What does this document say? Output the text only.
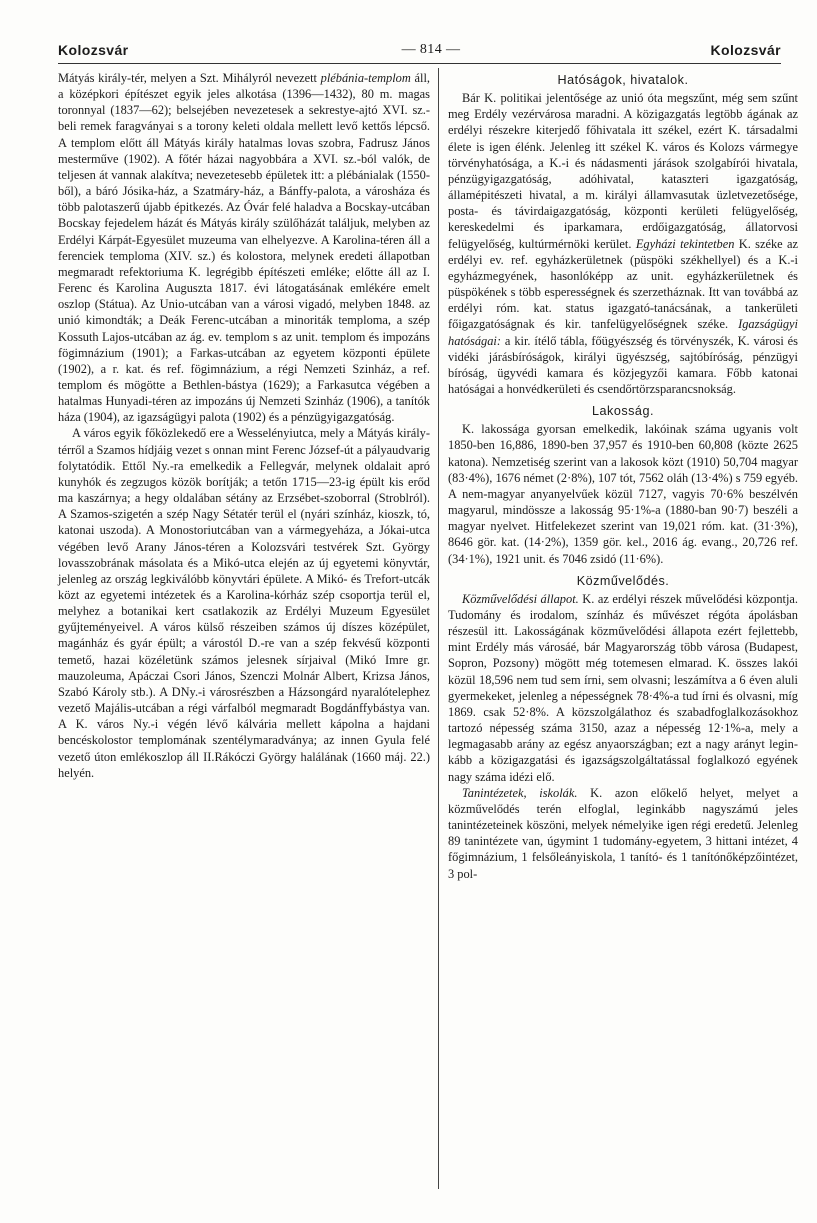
Kolozsvár	— 814 —	Kolozsvár

Mátyás király-tér, melyen a Szt. Mihályról nevezett plébánia-templom áll, a középkori építészet egyik jeles alkotása (1396—1432), 80 m. magas toronnyal (1837—62); belsejében nevezetesek a sekrestye-ajtó XVI. sz.-beli remek faragványai s a torony keleti oldala mellett levő kettős lépcső. A templom előtt áll Mátyás király hatalmas lovas szobra, Fadrusz János mesterműve (1902). A főtér házai nagyobbára a XVI. sz.-ból valók, de teljesen át vannak alakítva; nevezetesebb épületek itt: a plébánialak (1550-ből), a báró Jósika-ház, a Szatmáry-ház, a Bánffy-palota, a városháza és több palotaszerű újabb épitkezés. Az Óvár felé haladva a Bocskay-utcában Bocskay fejedelem házát és Mátyás király szülőházát találjuk, melyben az Erdélyi Kárpát-Egyesület muzeuma van elhelyezve. A Karolina-téren áll a ferenciek temploma (XIV. sz.) és kolostora, melynek eredeti állapotban megmaradt refektoriuma K. legrégibb építészeti emléke; előtte áll az I. Ferenc és Karolina Auguszta 1817. évi látogatásának emlékére emelt oszlop (Státua). Az Unio-utcában van a városi vigadó, melyben 1848. az unió kimondták; a Deák Ferenc-utcában a minoriták temploma, a szép Kossuth Lajos-utcában az ág. ev. templom s az unit. templom és impozáns fögimnázium (1901); a Farkas-utcában az egyetem központi épülete (1902), a r. kat. és ref. fögimnázium, a régi Nemzeti Szinház, a ref. templom és mögötte a Bethlen-bástya (1629); a Farkasutca végében a hatalmas Hunyadi-téren az impozáns új Nemzeti Szinház (1906), a tanítók háza (1904), az igazságügyi palota (1902) és a pénzügyigazgatóság.

A város egyik főközlekedő ere a Wesselényiutca, mely a Mátyás király-térről a Szamos hídjáig vezet s onnan mint Ferenc József-út a pályaudvarig folytatódik. Ettől Ny.-ra emelkedik a Fellegvár, melynek oldalait apró kunyhók és zegzugos közök borítják; a tetőn 1715—23-ig épült kis erőd ma kaszárnya; a hegy oldalában sétány az Erzsébet-szoborral (Stroblról). A Szamos-szigetén a szép Nagy Sétatér terül el (nyári színház, kioszk, tó, katonai uszoda). A Monostoriutcában van a vármegyeháza, a Jókai-utca végében levő Arany János-téren a Kolozsvári testvérek Szt. György lovasszobrának másolata és a Mikó-utca elején az új egyetemi könyvtár, jelenleg az ország legkiválóbb könyvtári épülete. A Mikó- és Trefort-utcák közt az egyetemi intézetek és a Karolina-kórház szép csoportja terül el, melyhez a botanikai kert csatlakozik az Erdélyi Muzeum Egyesület gyűjteményeivel. A város külső részeiben számos új díszes középület, magánház és gyár épült; a várostól D.-re van a szép fekvésű központi temető, hazai közéletünk számos jelesnek sírjaival (Mikó Imre gr. mauzoleuma, Apáczai Csori János, Szenczi Molnár Albert, Krizsa János, Szabó Károly stb.). A DNy.-i városrészben a Házsongárd nyaralótelephez vezető Majális-utcában a régi várfalból megmaradt Bogdánffybástya van. A K. város Ny.-i végén lévő kálvária mellett kápolna a hajdani bencéskolostor templomának szentélymaradványa; az innen Gyula felé vezető úton emlékoszlop áll II.Rákóczi György halálának (1660 máj. 22.) helyén.

Hatóságok, hivatalok.

Bár K. politikai jelentősége az unió óta megszűnt, még sem szűnt meg Erdély vezérvárosa maradni. A közigazgatás legtöbb ágának az erdélyi részekre kiterjedő főhivatala itt székel, ezért K. társadalmi élete is igen élénk. Jelenleg itt székel K. város és Kolozs vármegye törvényhatósága, a K.-i és nádasmenti járások szolgabírói hivatala, pénzügyigazgatóság, adóhivatal, kataszteri igazgatóság, államépitészeti hivatal, a m. királyi államvasutak üzletvezetősége, posta- és távirdaigazgatóság, központi kerületi felügyelőség, kereskedelmi és iparkamara, erdőigazgatóság, állatorvosi felügyelőség, kultúrmérnöki kerület. Egyházi tekintetben K. széke az erdélyi ev. ref. egyházkerületnek (püspöki székhellyel) és a K.-i egyházmegyének, hasonlóképp az unit. egyházkerületnek és püspökének s több esperességnek és szerzetháznak. Itt van továbbá az erdélyi róm. kat. status igazgató-tanácsának, a tankerületi főigazgatóságnak és kir. tanfelügyelőségnek széke. Igazságügyi hatóságai: a kir. ítélő tábla, főügyészség és törvényszék, K. városi és vidéki járásbíróságok, királyi ügyészség, sajtóbíróság, pénzügyi bíróság, ügyvédi kamara és közjegyzői kamara. Főbb katonai hatóságai a honvédkerületi és csendőrtörzsparancsnokság.

Lakosság.

K. lakossága gyorsan emelkedik, lakóinak száma ugyanis volt 1850-ben 16,886, 1890-ben 37,957 és 1910-ben 60,808 (közte 2625 katona). Nemzetiség szerint van a lakosok közt (1910) 50,704 magyar (83·4%), 1676 német (2·8%), 107 tót, 7562 oláh (13·4%) s 759 egyéb. A nem-magyar anyanyelvűek közül 7127, vagyis 70·6% beszélvén magyarul, mindössze a lakosság 95·1%-a (1880-ban 90·7) beszéli a magyar nyelvet. Hitfelekezet szerint van 19,021 róm. kat. (31·3%), 8646 gör. kat. (14·2%), 1359 gör. kel., 2016 ág. evang., 20,726 ref. (34·1%), 1921 unit. és 7046 zsidó (11·6%).

Közművelődés.

Közművelődési állapot. K. az erdélyi részek művelődési központja. Tudomány és irodalom, színház és művészet régóta ápolásban részesül itt. Lakosságának közművelődési állapota ezért fejlettebb, mint Erdély más városáé, bár Magyarország több városa (Budapest, Sopron, Pozsony) mögött még totemesen elmarad. K. összes lakói közül 18,596 nem tud sem írni, sem olvasni; leszámítva a 6 éven aluli gyermekeket, jelenleg a népességnek 78·4%-a tud írni és olvasni, míg 1869. csak 52·8%. A közszolgálathoz és szabadfoglalkozásokhoz tartozó népesség száma 3150, azaz a népesség 12·1%-a, mely a legmagasabb arány az egész anyaországban; ezt a nagy arányt leginkább a közigazgatási és igazságszolgáltatással foglalkozó egyének nagy száma idézi elő.

Tanintézetek, iskolák. K. azon előkelő helyet, melyet a közművelődés terén elfoglal, leginkább nagyszámú jeles tanintézeteinek köszöni, melyek némelyike igen régi eredetű. Jelenleg 89 tanintézete van, úgymint 1 tudomány-egyetem, 3 hittani intézet, 4 főgimnázium, 1 felsőleányiskola, 1 tanító- és 1 tanítónőképzőintézet, 3 pol-
